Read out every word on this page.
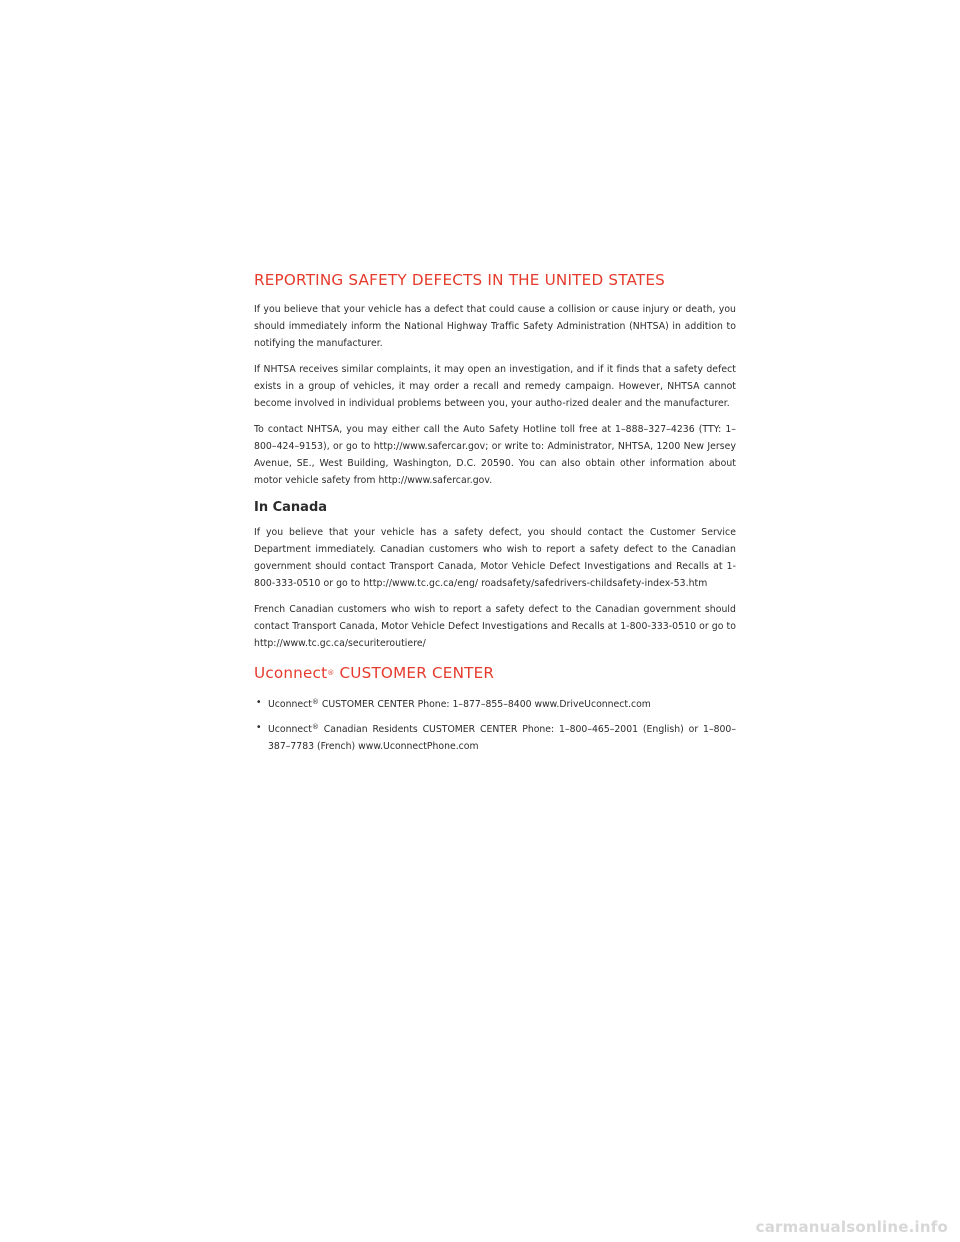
REPORTING SAFETY DEFECTS IN THE UNITED STATES

If you believe that your vehicle has a defect that could cause a collision or cause injury or death, you should immediately inform the National Highway Traffic Safety Administration (NHTSA) in addition to notifying the manufacturer.

If NHTSA receives similar complaints, it may open an investigation, and if it finds that a safety defect exists in a group of vehicles, it may order a recall and remedy campaign. However, NHTSA cannot become involved in individual problems between you, your autho-rized dealer and the manufacturer.

To contact NHTSA, you may either call the Auto Safety Hotline toll free at 1–888–327–4236 (TTY: 1–800–424–9153), or go to http://www.safercar.gov; or write to: Administrator, NHTSA, 1200 New Jersey Avenue, SE., West Building, Washington, D.C. 20590. You can also obtain other information about motor vehicle safety from http://www.safercar.gov.

In Canada

If you believe that your vehicle has a safety defect, you should contact the Customer Service Department immediately. Canadian customers who wish to report a safety defect to the Canadian government should contact Transport Canada, Motor Vehicle Defect Investigations and Recalls at 1-800-333-0510 or go to http://www.tc.gc.ca/eng/ roadsafety/safedrivers-childsafety-index-53.htm

French Canadian customers who wish to report a safety defect to the Canadian government should contact Transport Canada, Motor Vehicle Defect Investigations and Recalls at 1-800-333-0510 or go to http://www.tc.gc.ca/securiteroutiere/

Uconnect® CUSTOMER CENTER
• Uconnect® CUSTOMER CENTER Phone: 1–877–855–8400 www.DriveUconnect.com
• Uconnect® Canadian Residents CUSTOMER CENTER Phone: 1–800–465–2001 (English) or 1–800–387–7783 (French) www.UconnectPhone.com
carmanualsonline.info
